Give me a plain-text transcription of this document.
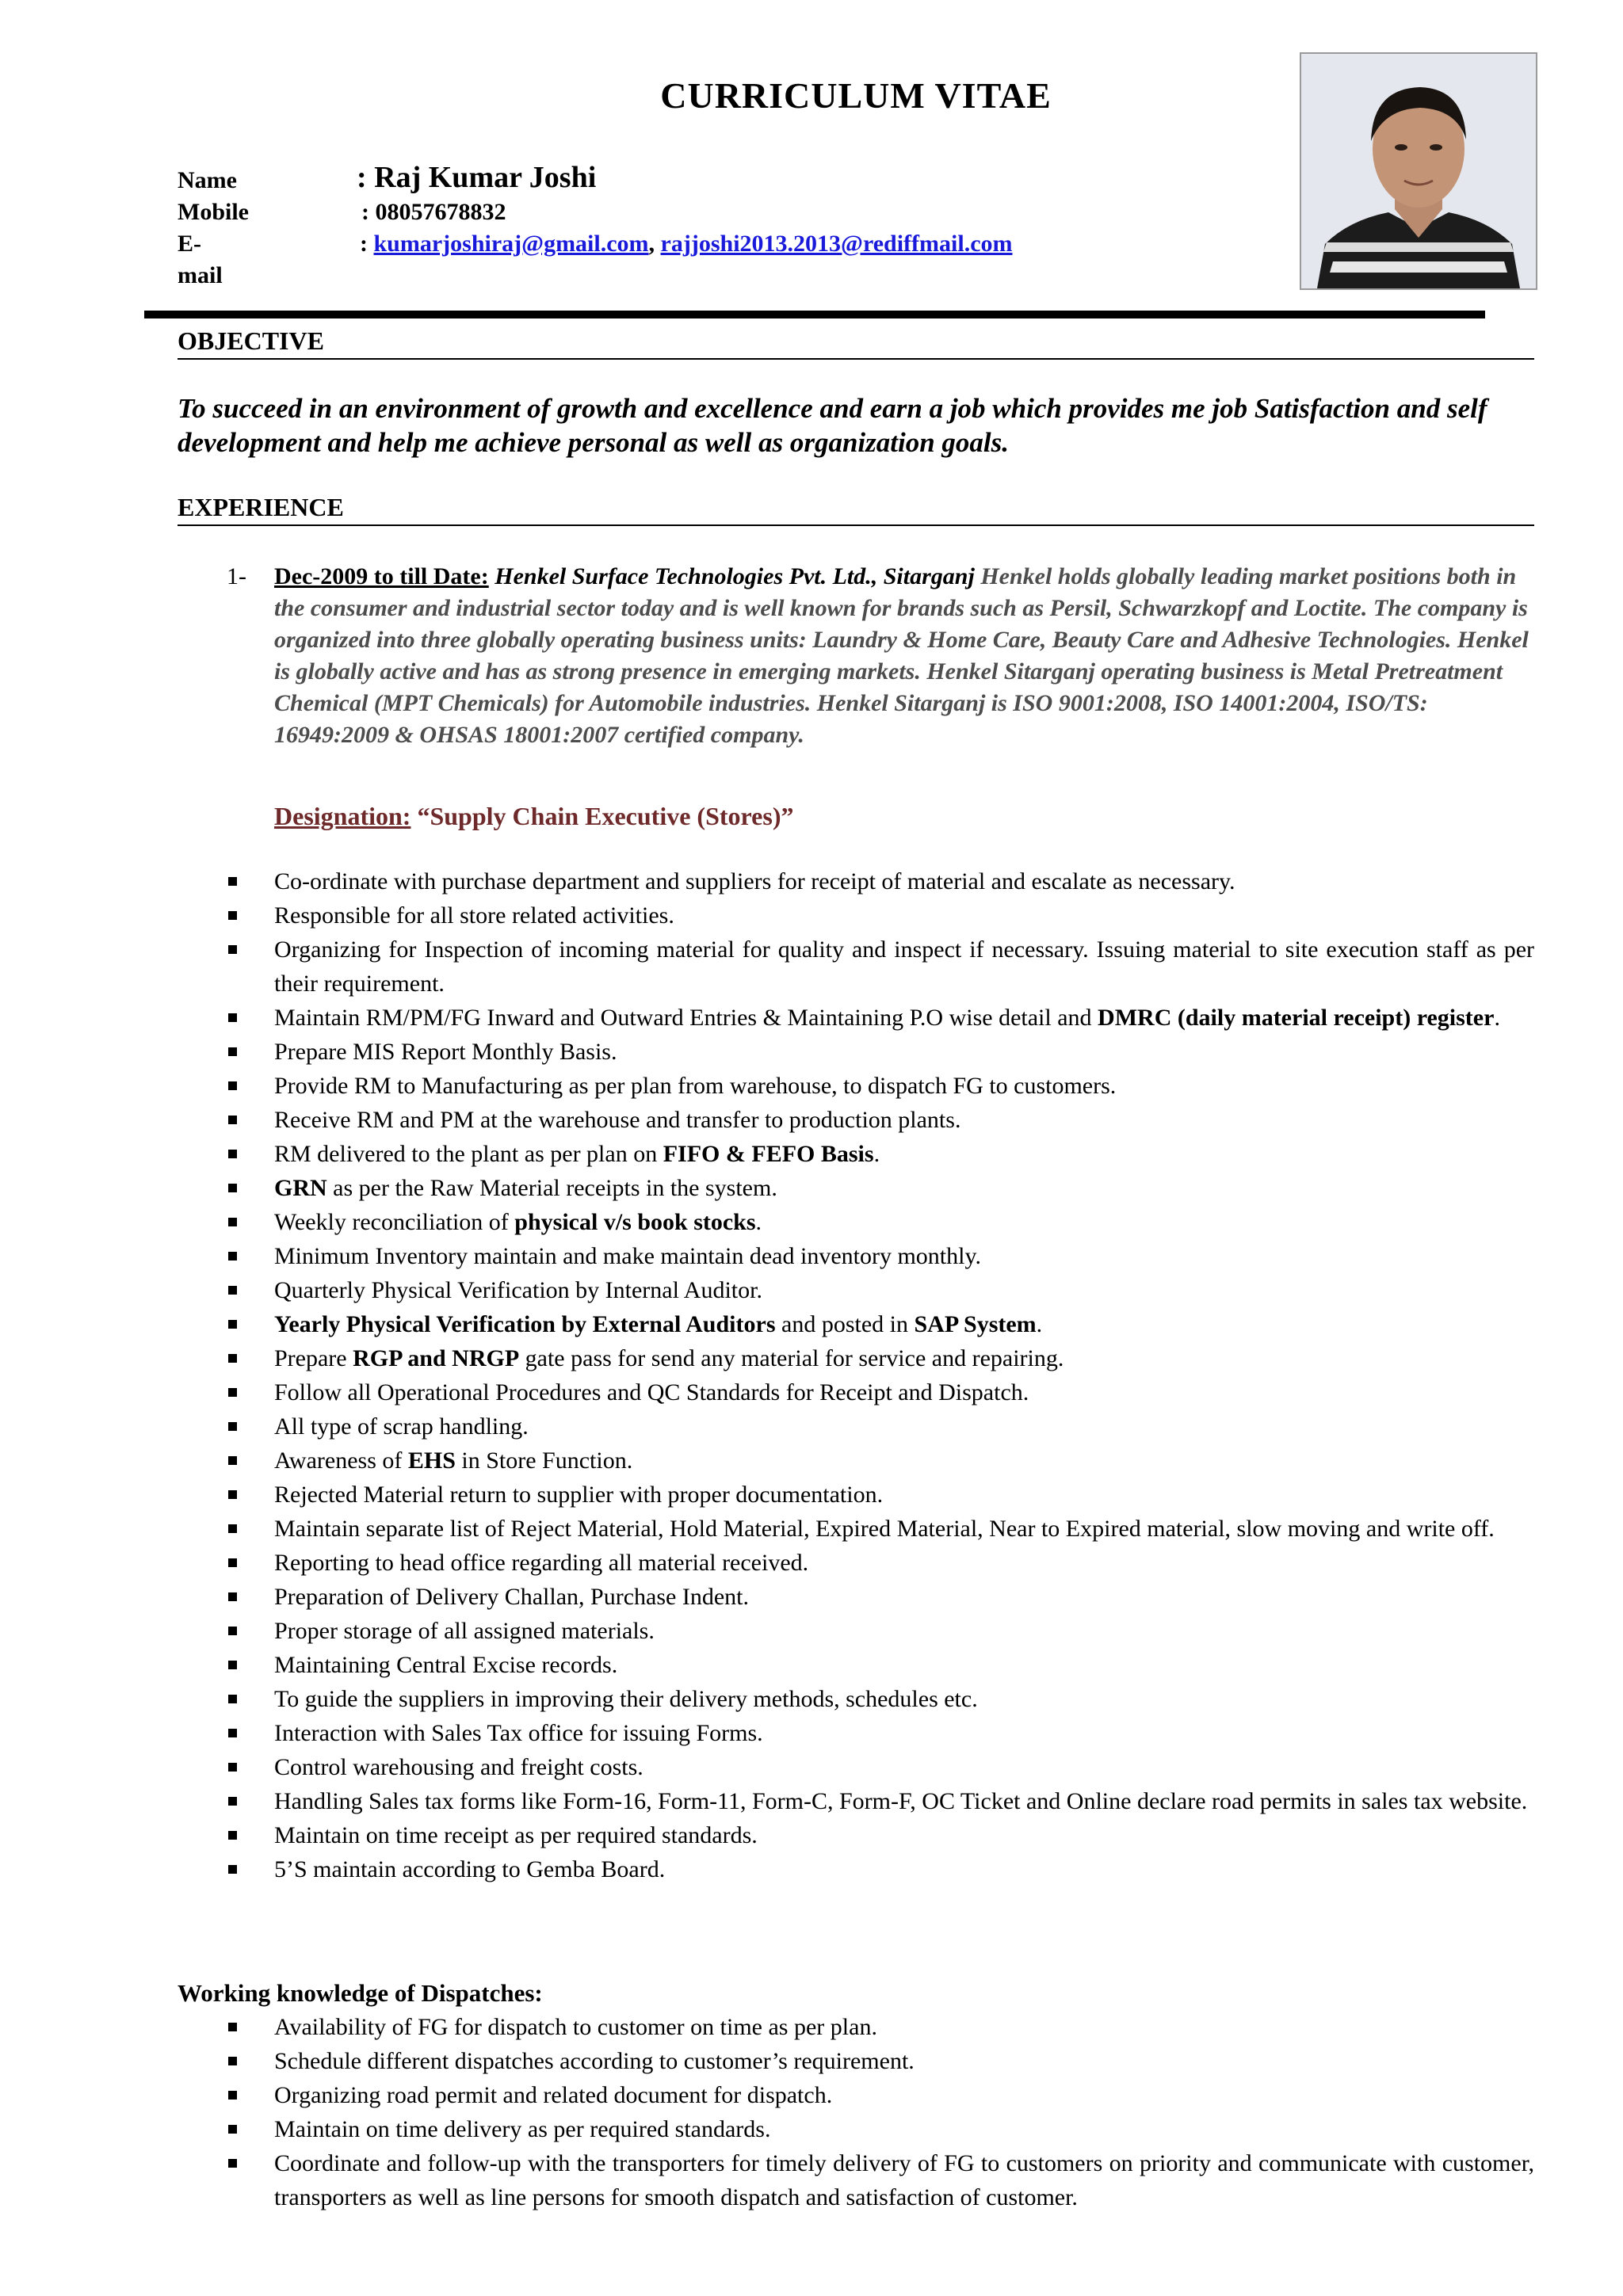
CURRICULUM VITAE
Name	: Raj Kumar Joshi
Mobile	: 08057678832
E-mail
: kumarjoshiraj@gmail.com, rajjoshi2013.2013@rediffmail.com
OBJECTIVE
To succeed in an environment of growth and excellence and earn a job which provides me job Satisfaction and self development and help me achieve personal as well as organization goals.
EXPERIENCE
1- Dec-2009 to till Date: Henkel Surface Technologies Pvt. Ltd., Sitarganj Henkel holds globally leading market positions both in the consumer and industrial sector today and is well known for brands such as Persil, Schwarzkopf and Loctite. The company is organized into three globally operating business units: Laundry & Home Care, Beauty Care and Adhesive Technologies. Henkel is globally active and has as strong presence in emerging markets. Henkel Sitarganj operating business is Metal Pretreatment Chemical (MPT Chemicals) for Automobile industries. Henkel Sitarganj is ISO 9001:2008, ISO 14001:2004, ISO/TS: 16949:2009 & OHSAS 18001:2007 certified company.
Designation: “Supply Chain Executive (Stores)”
Co-ordinate with purchase department and suppliers for receipt of material and escalate as necessary.
Responsible for all store related activities.
Organizing for Inspection of incoming material for quality and inspect if necessary. Issuing material to site execution staff as per their requirement.
Maintain RM/PM/FG Inward and Outward Entries & Maintaining P.O wise detail and DMRC (daily material receipt) register.
Prepare MIS Report Monthly Basis.
Provide RM to Manufacturing as per plan from warehouse, to dispatch FG to customers.
Receive RM and PM at the warehouse and transfer to production plants.
RM delivered to the plant as per plan on FIFO & FEFO Basis.
GRN as per the Raw Material receipts in the system.
Weekly reconciliation of physical v/s book stocks.
Minimum Inventory maintain and make maintain dead inventory monthly.
Quarterly Physical Verification by Internal Auditor.
Yearly Physical Verification by External Auditors and posted in SAP System.
Prepare RGP and NRGP gate pass for send any material for service and repairing.
Follow all Operational Procedures and QC Standards for Receipt and Dispatch.
All type of scrap handling.
Awareness of EHS in Store Function.
Rejected Material return to supplier with proper documentation.
Maintain separate list of Reject Material, Hold Material, Expired Material, Near to Expired material, slow moving and write off.
Reporting to head office regarding all material received.
Preparation of Delivery Challan, Purchase Indent.
Proper storage of all assigned materials.
Maintaining Central Excise records.
To guide the suppliers in improving their delivery methods, schedules etc.
Interaction with Sales Tax office for issuing Forms.
Control warehousing and freight costs.
Handling Sales tax forms like Form-16, Form-11, Form-C, Form-F, OC Ticket and Online declare road permits in sales tax website.
Maintain on time receipt as per required standards.
5’S maintain according to Gemba Board.
Working knowledge of Dispatches:
Availability of FG for dispatch to customer on time as per plan.
Schedule different dispatches according to customer’s requirement.
Organizing road permit and related document for dispatch.
Maintain on time delivery as per required standards.
Coordinate and follow-up with the transporters for timely delivery of FG to customers on priority and communicate with customer, transporters as well as line persons for smooth dispatch and satisfaction of customer.
